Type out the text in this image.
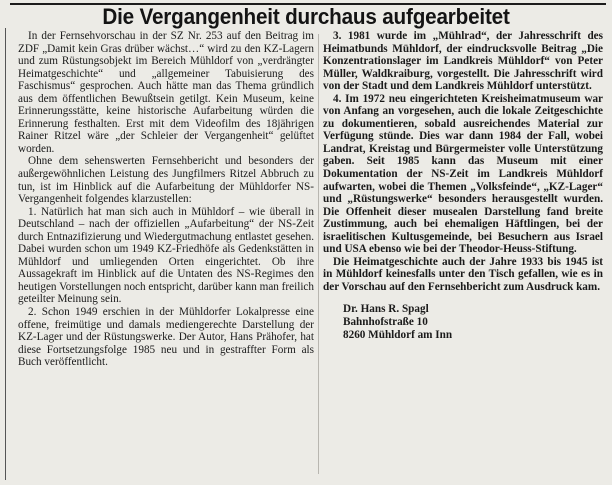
Die Vergangenheit durchaus aufgearbeitet

In der Fernsehvorschau in der SZ Nr. 253 auf den Beitrag im ZDF „Damit kein Gras drüber wächst…“ wird zu den KZ-Lagern und zum Rüstungsobjekt im Bereich Mühldorf von „verdrängter Heimatgeschichte“ und „allgemeiner Tabuisierung des Faschismus“ gesprochen. Auch hätte man das Thema gründlich aus dem öffentlichen Bewußtsein getilgt. Kein Museum, keine Erinnerungsstätte, keine historische Aufarbeitung würden die Erinnerung festhalten. Erst mit dem Videofilm des 18jährigen Rainer Ritzel wäre „der Schleier der Vergangenheit“ gelüftet worden.

Ohne dem sehenswerten Fernsehbericht und besonders der außergewöhnlichen Leistung des Jungfilmers Ritzel Abbruch zu tun, ist im Hinblick auf die Aufarbeitung der Mühldorfer NS-Vergangenheit folgendes klarzustellen:

1. Natürlich hat man sich auch in Mühldorf – wie überall in Deutschland – nach der offiziellen „Aufarbeitung“ der NS-Zeit durch Entnazifizierung und Wiedergutmachung entlastet gesehen. Dabei wurden schon um 1949 KZ-Friedhöfe als Gedenkstätten in Mühldorf und umliegenden Orten eingerichtet. Ob ihre Aussagekraft im Hinblick auf die Untaten des NS-Regimes den heutigen Vorstellungen noch entspricht, darüber kann man freilich geteilter Meinung sein.

2. Schon 1949 erschien in der Mühldorfer Lokalpresse eine offene, freimütige und damals mediengerechte Darstellung der KZ-Lager und der Rüstungswerke. Der Autor, Hans Prähofer, hat diese Fortsetzungsfolge 1985 neu und in gestraffter Form als Buch veröffentlicht.

3. 1981 wurde im „Mühlrad“, der Jahresschrift des Heimatbunds Mühldorf, der eindrucksvolle Beitrag „Die Konzentrationslager im Landkreis Mühldorf“ von Peter Müller, Waldkraiburg, vorgestellt. Die Jahresschrift wird von der Stadt und dem Landkreis Mühldorf unterstützt.

4. Im 1972 neu eingerichteten Kreisheimatmuseum war von Anfang an vorgesehen, auch die lokale Zeitgeschichte zu dokumentieren, sobald ausreichendes Material zur Verfügung stünde. Dies war dann 1984 der Fall, wobei Landrat, Kreistag und Bürgermeister volle Unterstützung gaben. Seit 1985 kann das Museum mit einer Dokumentation der NS-Zeit im Landkreis Mühldorf aufwarten, wobei die Themen „Volksfeinde“, „KZ-Lager“ und „Rüstungswerke“ besonders herausgestellt wurden. Die Offenheit dieser musealen Darstellung fand breite Zustimmung, auch bei ehemaligen Häftlingen, bei der israelitischen Kultusgemeinde, bei Besuchern aus Israel und USA ebenso wie bei der Theodor-Heuss-Stiftung.

Die Heimatgeschichte auch der Jahre 1933 bis 1945 ist in Mühldorf keinesfalls unter den Tisch gefallen, wie es in der Vorschau auf den Fernsehbericht zum Ausdruck kam.

Dr. Hans R. Spagl
Bahnhofstraße 10
8260 Mühldorf am Inn
